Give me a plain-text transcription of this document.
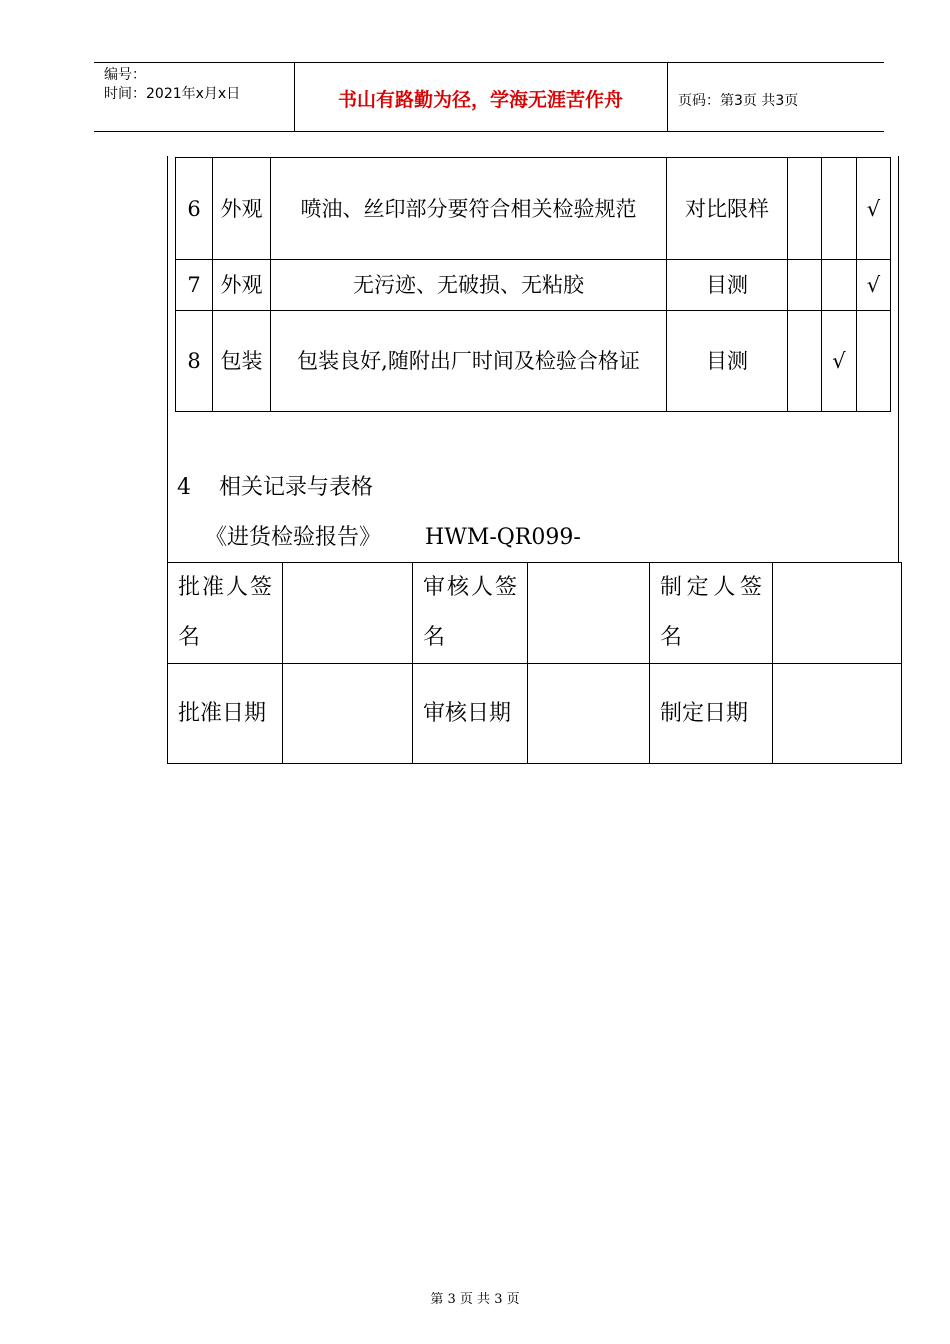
编号：
时间：2021年x月x日	书山有路勤为径，学海无涯苦作舟	页码：第3页 共3页
6	外观	喷油、丝印部分要符合相关检验规范	对比限样			√
7	外观	无污迹、无破损、无粘胶	目测			√
8	包装	包装良好,随附出厂时间及检验合格证	目测		√	
4 相关记录与表格
《进货检验报告》 HWM-QR099-
批准人签名		审核人签名		制定人签名	
批准日期		审核日期		制定日期	
第 3 页 共 3 页
